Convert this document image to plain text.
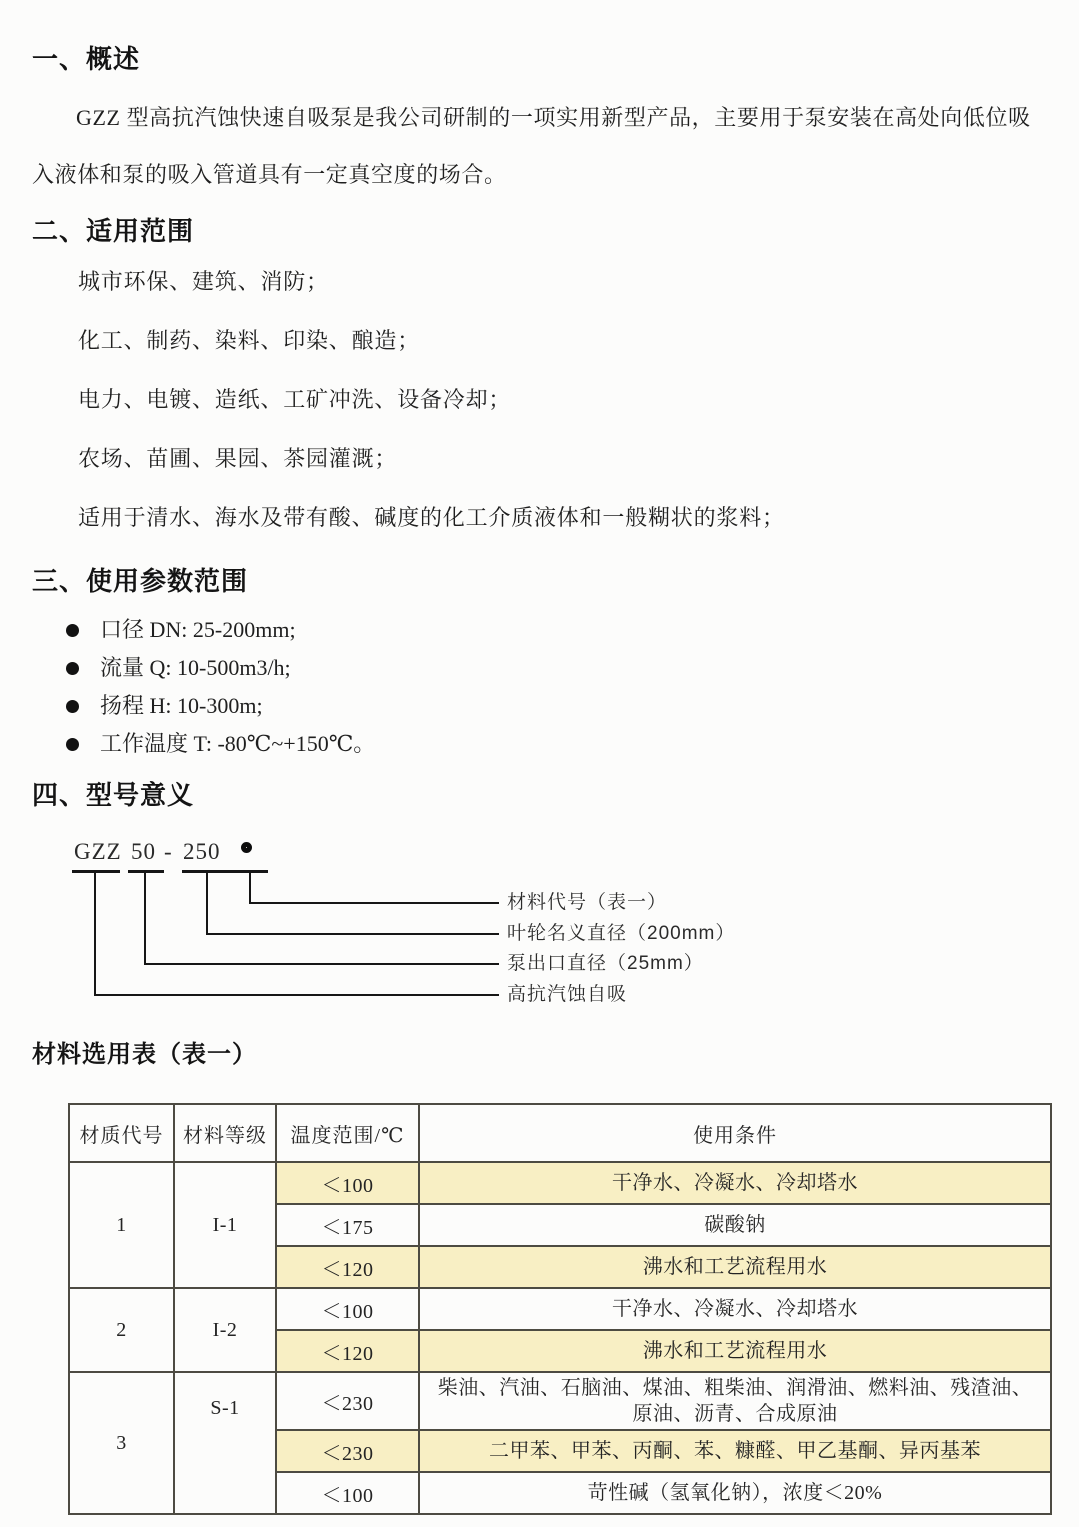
一、概述

GZZ 型高抗汽蚀快速自吸泵是我公司研制的一项实用新型产品，主要用于泵安装在高处向低位吸入液体和泵的吸入管道具有一定真空度的场合。

二、适用范围

城市环保、建筑、消防；

化工、制药、染料、印染、酿造；

电力、电镀、造纸、工矿冲洗、设备冷却；

农场、苗圃、果园、茶园灌溉；

适用于清水、海水及带有酸、碱度的化工介质液体和一般糊状的浆料；

三、使用参数范围
口径 DN: 25-200mm;
流量 Q: 10-500m3/h;
扬程 H: 10-300m;
工作温度 T: -80℃~+150℃。
四、型号意义
GZZ 50 - 250
材料代号（表一）
叶轮名义直径（200mm）
泵出口直径（25mm）
高抗汽蚀自吸
材料选用表（表一）
材质代号	材料等级	温度范围/℃	使用条件
1	I-1	＜100	干净水、冷凝水、冷却塔水
		＜175	碳酸钠
		＜120	沸水和工艺流程用水
2	I-2	＜100	干净水、冷凝水、冷却塔水
		＜120	沸水和工艺流程用水
3	S-1	＜230	柴油、汽油、石脑油、煤油、粗柴油、润滑油、燃料油、残渣油、原油、沥青、合成原油
		＜230	二甲苯、甲苯、丙酮、苯、糠醛、甲乙基酮、异丙基苯
		＜100	苛性碱（氢氧化钠），浓度＜20%
